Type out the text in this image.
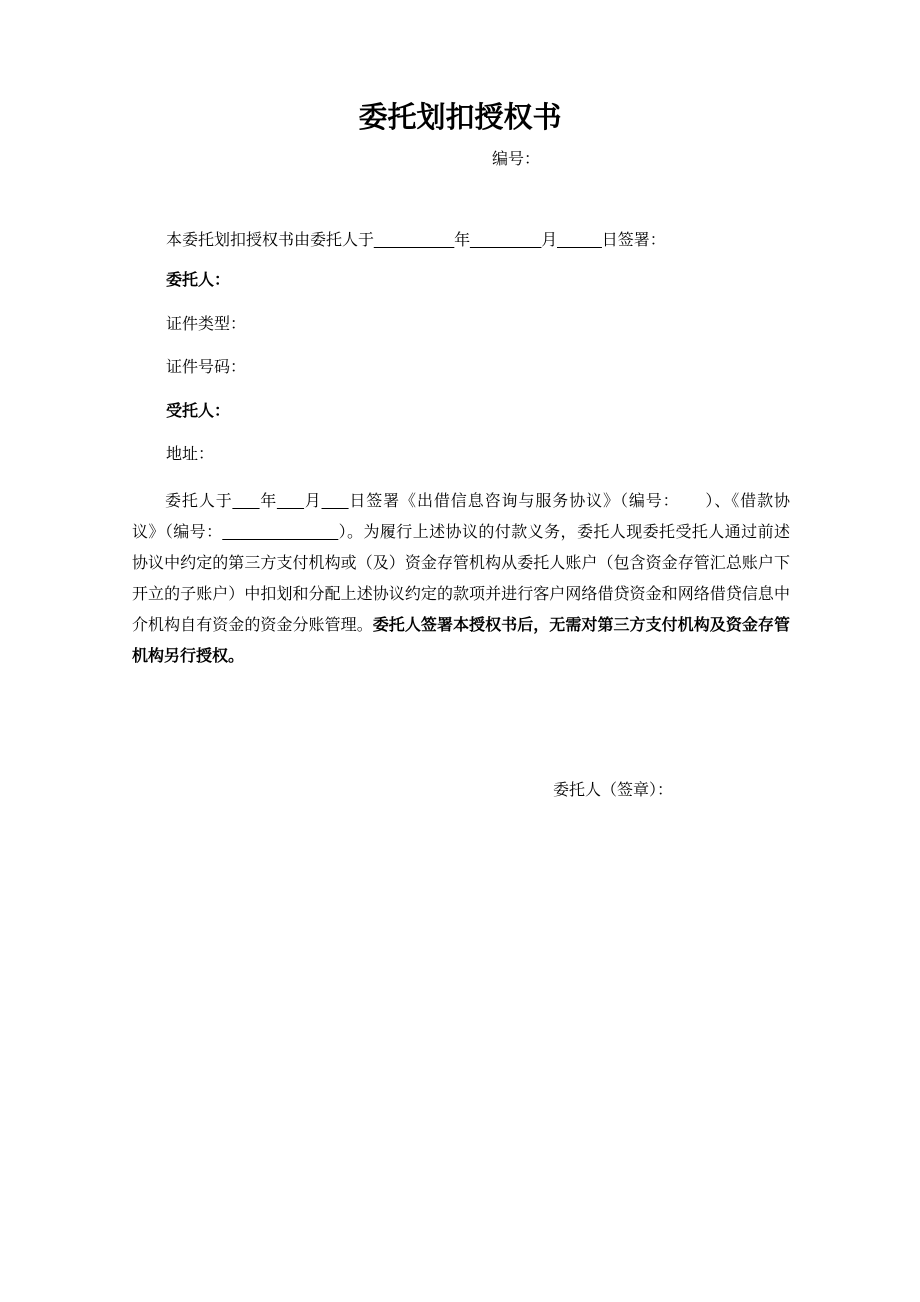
委托划扣授权书
编号：
本委托划扣授权书由委托人于_________年________月_____日签署：
委托人：
证件类型：
证件号码：
受托人：
地址：
委托人于___年___月___日签署《出借信息咨询与服务协议》（编号：　　）、《借款协
议》（编号：_____________）。为履行上述协议的付款义务，委托人现委托受托人通过前述
协议中约定的第三方支付机构或（及）资金存管机构从委托人账户（包含资金存管汇总账户下
开立的子账户）中扣划和分配上述协议约定的款项并进行客户网络借贷资金和网络借贷信息中
介机构自有资金的资金分账管理。委托人签署本授权书后，无需对第三方支付机构及资金存管
机构另行授权。
委托人（签章）：
